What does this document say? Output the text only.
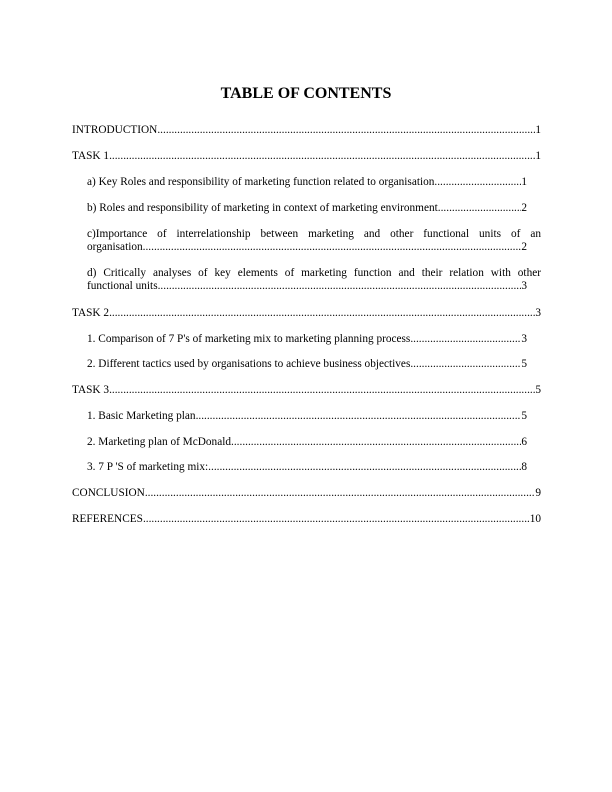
TABLE OF CONTENTS
INTRODUCTION .....	1
TASK 1 .....	1
a) Key Roles and responsibility of marketing function related to organisation .....	1
b) Roles and responsibility of marketing in context of marketing environment .....	2
c)Importance of interrelationship between marketing and other functional units of an
organisation .....	2
d) Critically analyses of key elements of marketing function and their relation with other
functional units .....	3
TASK 2 .....	3
1. Comparison of 7 P's of marketing mix to marketing planning process .....	3
2. Different tactics used by organisations to achieve business objectives .....	5
TASK 3 .....	5
1. Basic Marketing plan .....	5
2. Marketing plan of McDonald .....	6
3. 7 P 'S of marketing mix: .....	8
CONCLUSION .....	9
REFERENCES .....	10
